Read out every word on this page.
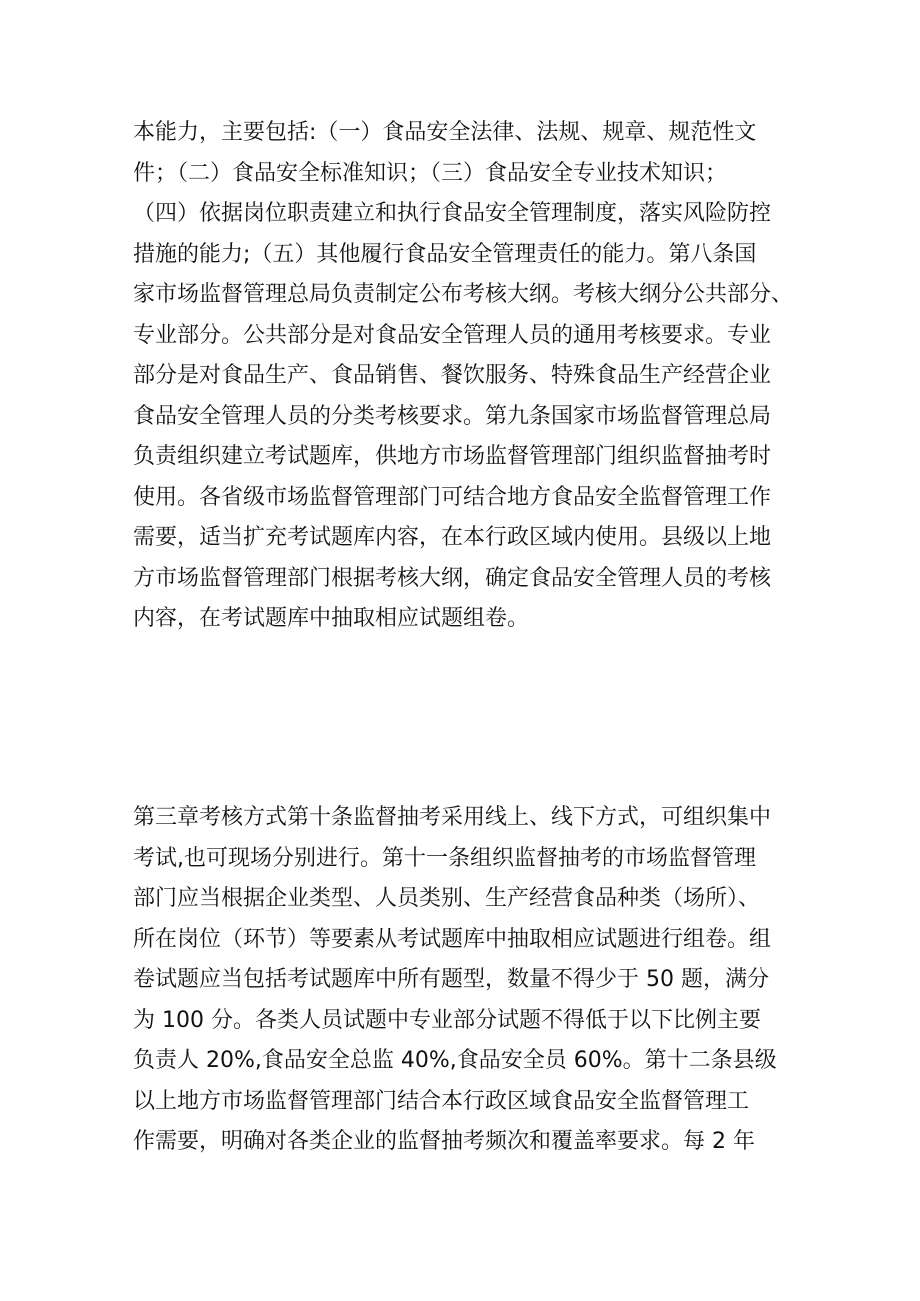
本能力，主要包括:（一）食品安全法律、法规、规章、规范性文
件；（二）食品安全标准知识；（三）食品安全专业技术知识；
（四）依据岗位职责建立和执行食品安全管理制度，落实风险防控
措施的能力;（五）其他履行食品安全管理责任的能力。第八条国
家市场监督管理总局负责制定公布考核大纲。考核大纲分公共部分、
专业部分。公共部分是对食品安全管理人员的通用考核要求。专业
部分是对食品生产、食品销售、餐饮服务、特殊食品生产经营企业
食品安全管理人员的分类考核要求。第九条国家市场监督管理总局
负责组织建立考试题库，供地方市场监督管理部门组织监督抽考时
使用。各省级市场监督管理部门可结合地方食品安全监督管理工作
需要，适当扩充考试题库内容，在本行政区域内使用。县级以上地
方市场监督管理部门根据考核大纲，确定食品安全管理人员的考核
内容，在考试题库中抽取相应试题组卷。
第三章考核方式第十条监督抽考采用线上、线下方式，可组织集中
考试,也可现场分别进行。第十一条组织监督抽考的市场监督管理
部门应当根据企业类型、人员类别、生产经营食品种类（场所）、
所在岗位（环节）等要素从考试题库中抽取相应试题进行组卷。组
卷试题应当包括考试题库中所有题型，数量不得少于 50 题，满分
为 100 分。各类人员试题中专业部分试题不得低于以下比例主要
负责人 20%,食品安全总监 40%,食品安全员 60%。第十二条县级
以上地方市场监督管理部门结合本行政区域食品安全监督管理工
作需要，明确对各类企业的监督抽考频次和覆盖率要求。每 2 年
